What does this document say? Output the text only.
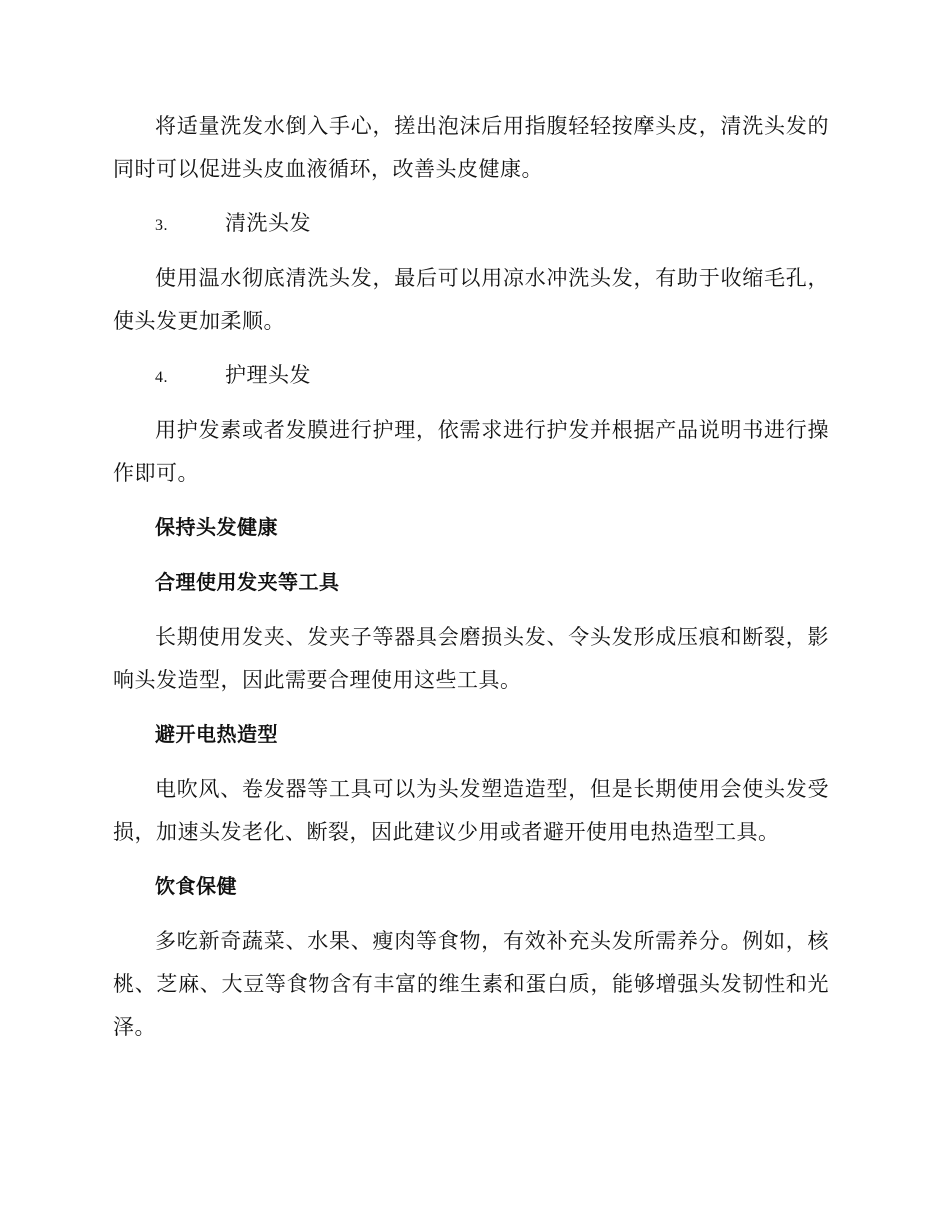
将适量洗发水倒入手心，搓出泡沫后用指腹轻轻按摩头皮，清洗头发的同时可以促进头皮血液循环，改善头皮健康。

3.	清洗头发

使用温水彻底清洗头发，最后可以用凉水冲洗头发，有助于收缩毛孔，使头发更加柔顺。

4.	护理头发

用护发素或者发膜进行护理，依需求进行护发并根据产品说明书进行操作即可。

保持头发健康
合理使用发夹等工具

长期使用发夹、发夹子等器具会磨损头发、令头发形成压痕和断裂，影响头发造型，因此需要合理使用这些工具。

避开电热造型

电吹风、卷发器等工具可以为头发塑造造型，但是长期使用会使头发受损，加速头发老化、断裂，因此建议少用或者避开使用电热造型工具。

饮食保健

多吃新奇蔬菜、水果、瘦肉等食物，有效补充头发所需养分。例如，核桃、芝麻、大豆等食物含有丰富的维生素和蛋白质，能够增强头发韧性和光泽。
